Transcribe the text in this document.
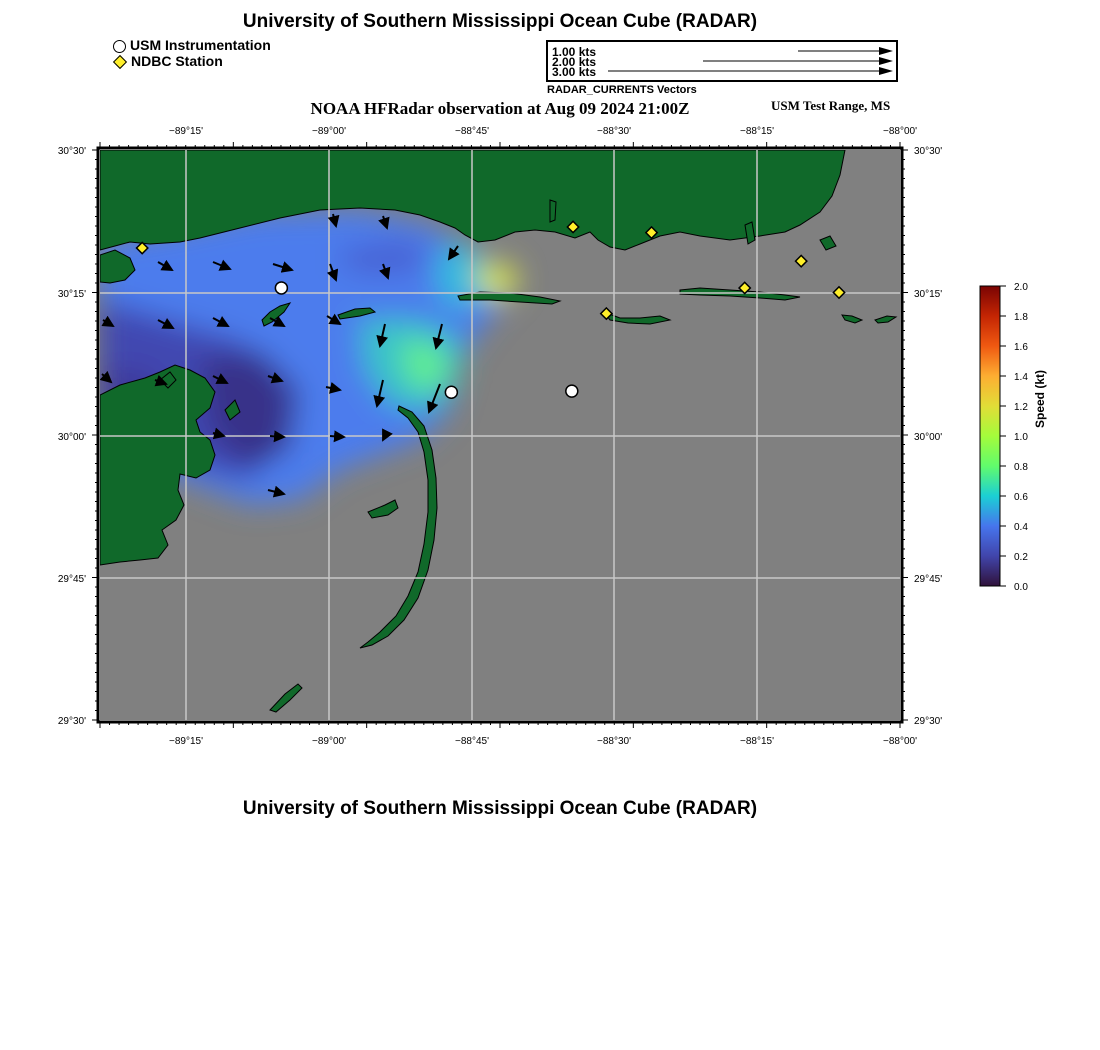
University of Southern Mississippi Ocean Cube (RADAR)
USM Instrumentation
NDBC Station
1.00 kts
2.00 kts
3.00 kts
RADAR_CURRENTS Vectors
NOAA HFRadar observation at Aug 09 2024 21:00Z	USM Test Range, MS
−89°15'	−89°00'	−88°45'	−88°30'	−88°15'	−88°00'
−89°15'	−89°00'	−88°45'	−88°30'	−88°15'	−88°00'
30°30'
30°15'
30°00'
29°45'
29°30'
30°30'
30°15'
30°00'
29°45'
29°30'
0.0
0.2
0.4
0.6
0.8
1.0
1.2
1.4
1.6
1.8
2.0
Speed (kt)
University of Southern Mississippi Ocean Cube (RADAR)
